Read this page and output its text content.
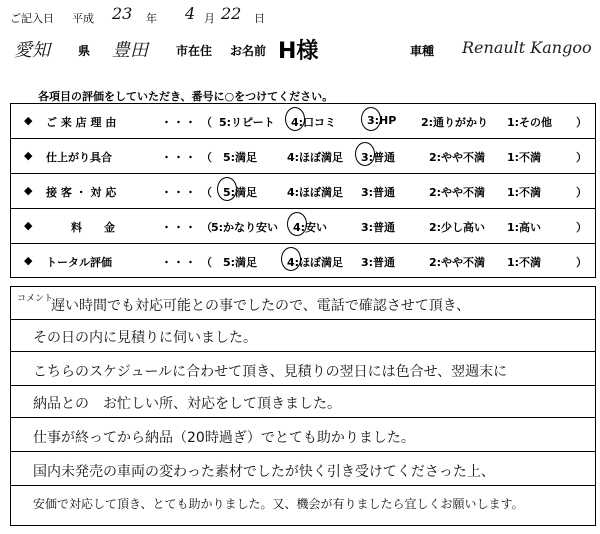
ご記入日 平成 23 年 4 月 22 日
愛知 県 豊田 市在住 お名前 H様	車種 Renault Kangoo
各項目の評価をしていただき、番号に○をつけてください。
◆ ご 来 店 理 由	・・・ （ 5:リピート 4:口コミ	3:HP 2:通りがかり 1:その他 ）
◆ 仕上がり具合	・・・ （ 5:満足	4:ほぼ満足 3:普通	2:やや不満 1:不満	）
◆ 接 客 ・ 対 応	・・・ （ 5:満足	4:ほぼ満足 3:普通	2:やや不満 1:不満	）
◆	料　　金	・・・ （ 5:かなり安い 4:安い	3:普通	2:少し高い 1:高い	）
◆ トータル評価	・・・ （ 5:満足	4:ほぼ満足 3:普通	2:やや不満 1:不満	）
コメント
遅い時間でも対応可能との事でしたので、電話で確認させて頂き、
その日の内に見積りに伺いました。
こちらのスケジュールに合わせて頂き、見積りの翌日には色合せ、翌週末に
納品との　お忙しい所、対応をして頂きました。
仕事が終ってから納品（20時過ぎ）でとても助かりました。
国内未発売の車両の変わった素材でしたが快く引き受けてくださった上、
安価で対応して頂き、とても助かりました。又、機会が有りましたら宜しくお願いします。
